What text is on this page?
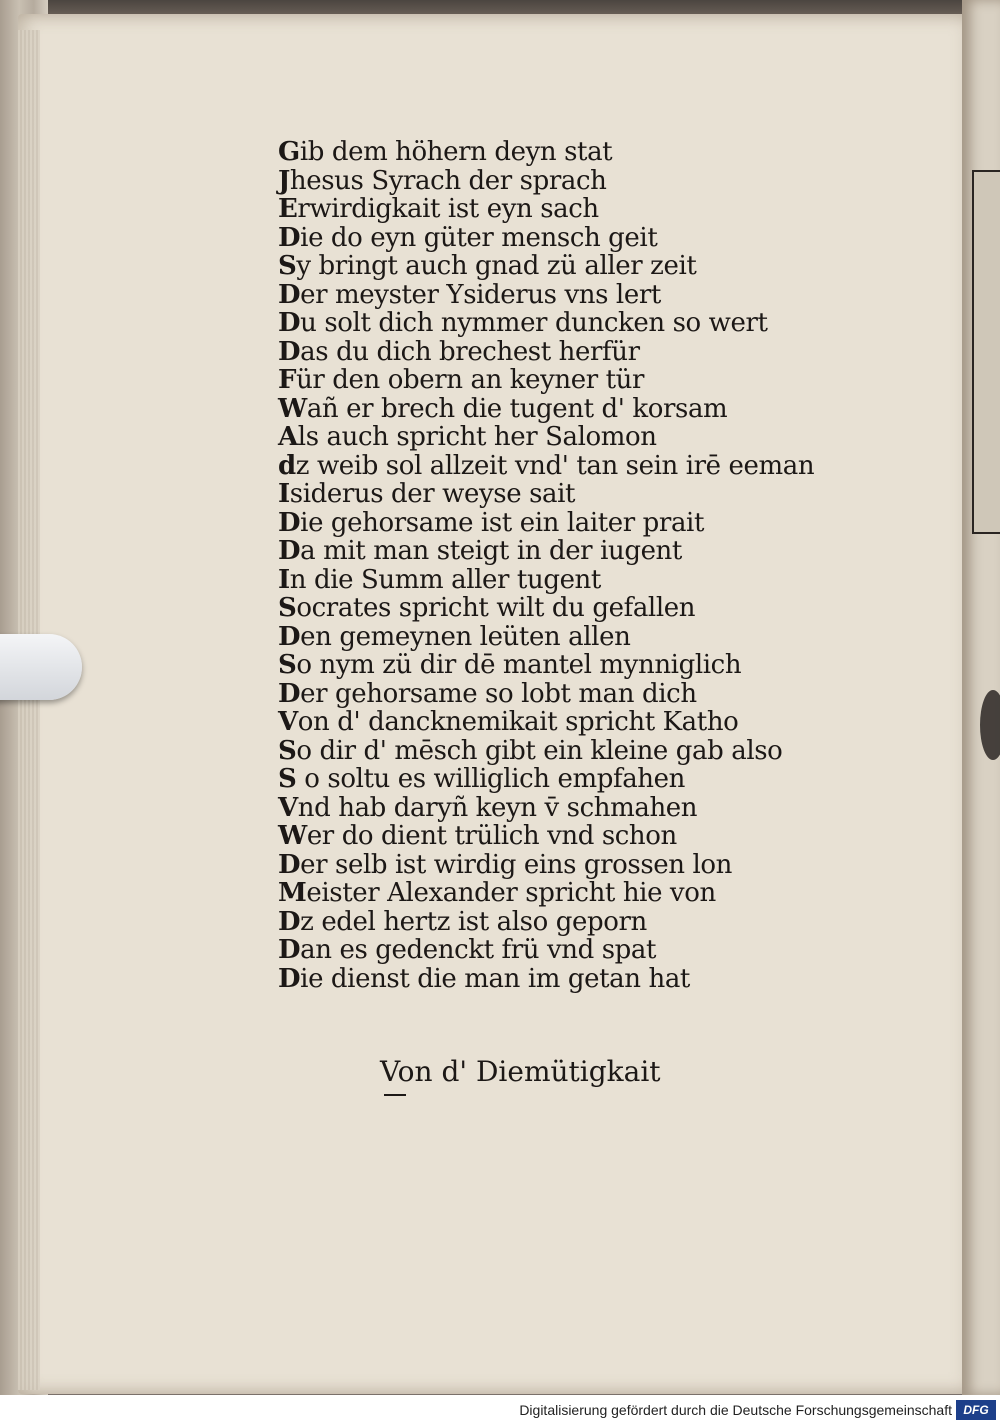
Gib dem höhern deyn stat
Jhesus Syrach der sprach
Erwirdigkait ist eyn sach
Die do eyn güter mensch geit
Sy bringt auch gnad zü aller zeit
Der meyster Ysiderus vns lert
Du solt dich nymmer duncken so wert
Das du dich brechest herfür
Für den obern an keyner tür
Wañ er brech die tugent d' korsam
Als auch spricht her Salomon
dz weib sol allzeit vnd' tan sein irē eeman
Isiderus der weyse sait
Die gehorsame ist ein laiter prait
Da mit man steigt in der iugent
In die Summ aller tugent
Socrates spricht wilt du gefallen
Den gemeynen leüten allen
So nym zü dir dē mantel mynniglich
Der gehorsame so lobt man dich
Von d' dancknemikait spricht Katho
So dir d' mēsch gibt ein kleine gab also
S o soltu es williglich empfahen
Vnd hab daryñ keyn v̄ schmahen
Wer do dient trülich vnd schon
Der selb ist wirdig eins grossen lon
Meister Alexander spricht hie von
Dz edel hertz ist also geporn
Dan es gedenckt frü vnd spat
Die dienst die man im getan hat
Von d' Diemütigkait
Digitalisierung gefördert durch die Deutsche Forschungsgemeinschaft DFG
